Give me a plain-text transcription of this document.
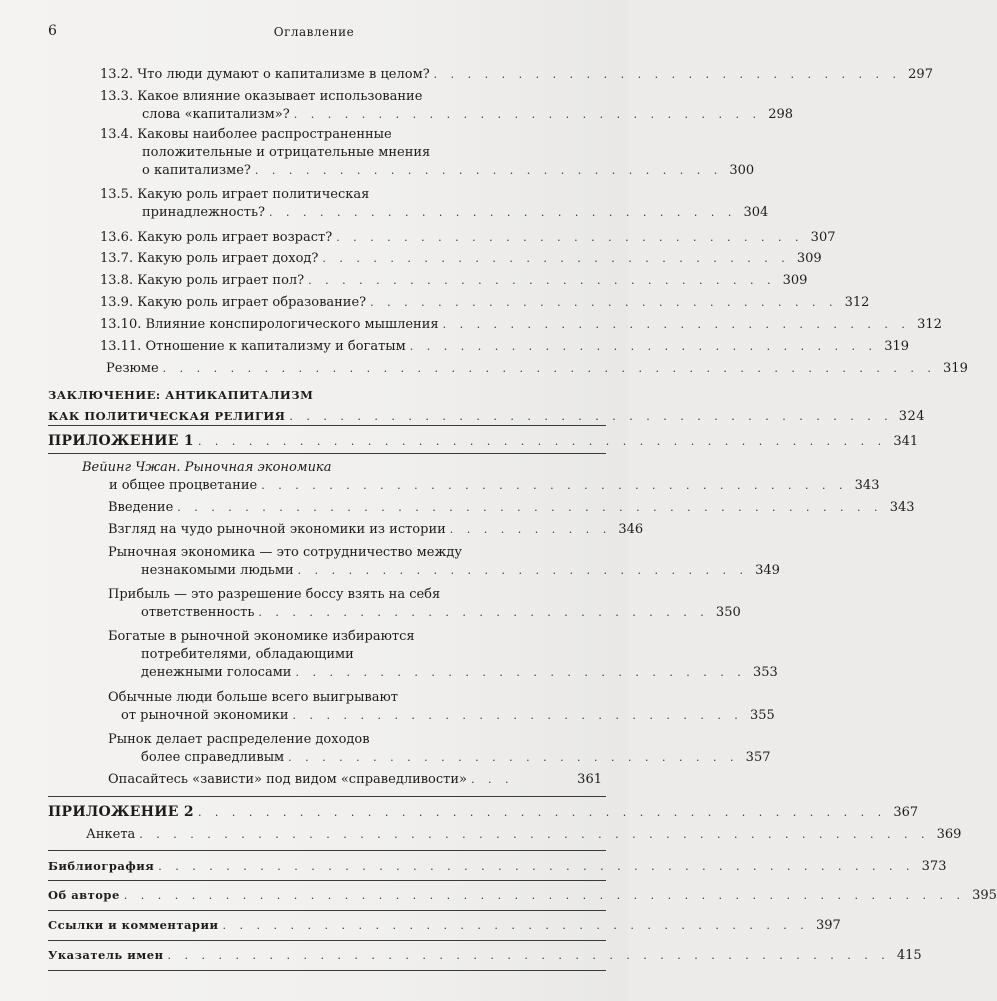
6	Оглавление
13.2. Что люди думают о капитализме в целом? . . . . . . . . . . . . . . . . . . . . . . . . . . . . 297
13.3. Какое влияние оказывает использование
слова «капитализм»? . . . . . . . . . . . . . . . . . . . . . . . . . . . . 298
13.4. Каковы наиболее распространенные
положительные и отрицательные мнения
о капитализме? . . . . . . . . . . . . . . . . . . . . . . . . . . . . 300
13.5. Какую роль играет политическая
принадлежность? . . . . . . . . . . . . . . . . . . . . . . . . . . . . 304
13.6. Какую роль играет возраст? . . . . . . . . . . . . . . . . . . . . . . . . . . . . 307
13.7. Какую роль играет доход? . . . . . . . . . . . . . . . . . . . . . . . . . . . . 309
13.8. Какую роль играет пол? . . . . . . . . . . . . . . . . . . . . . . . . . . . . 309
13.9. Какую роль играет образование? . . . . . . . . . . . . . . . . . . . . . . . . . . . . 312
13.10. Влияние конспирологического мышления . . . . . . . . . . . . . . . . . . . . . . . . . . . . 312
13.11. Отношение к капитализму и богатым . . . . . . . . . . . . . . . . . . . . . . . . . . . . 319
Резюме . . . . . . . . . . . . . . . . . . . . . . . . . . . . . . . . . . . . . . . . . . . . . . 319
ЗАКЛЮЧЕНИЕ: АНТИКАПИТАЛИЗМ
КАК ПОЛИТИЧЕСКАЯ РЕЛИГИЯ . . . . . . . . . . . . . . . . . . . . . . . . . . . . . . . . . . . . 324
ПРИЛОЖЕНИЕ 1 . . . . . . . . . . . . . . . . . . . . . . . . . . . . . . . . . . . . . . . . . 341
Вейинг Чжан. Рыночная экономика
и общее процветание . . . . . . . . . . . . . . . . . . . . . . . . . . . . . . . . . . . 343
Введение . . . . . . . . . . . . . . . . . . . . . . . . . . . . . . . . . . . . . . . . . . 343
Взгляд на чудо рыночной экономики из истории . . . . . . . . . . 346
Рыночная экономика — это сотрудничество между
незнакомыми людьми . . . . . . . . . . . . . . . . . . . . . . . . . . . 349
Прибыль — это разрешение боссу взять на себя
ответственность . . . . . . . . . . . . . . . . . . . . . . . . . . . 350
Богатые в рыночной экономике избираются
потребителями, обладающими
денежными голосами . . . . . . . . . . . . . . . . . . . . . . . . . . . 353
Обычные люди больше всего выигрывают
от рыночной экономики . . . . . . . . . . . . . . . . . . . . . . . . . . . 355
Рынок делает распределение доходов
более справедливым . . . . . . . . . . . . . . . . . . . . . . . . . . . 357
Опасайтесь «зависти» под видом «справедливости» . . .	361
ПРИЛОЖЕНИЕ 2 . . . . . . . . . . . . . . . . . . . . . . . . . . . . . . . . . . . . . . . . . 367
Анкета . . . . . . . . . . . . . . . . . . . . . . . . . . . . . . . . . . . . . . . . . . . . . . . 369
Библиография . . . . . . . . . . . . . . . . . . . . . . . . . . . . . . . . . . . . . . . . . . . . . 373
Об авторе . . . . . . . . . . . . . . . . . . . . . . . . . . . . . . . . . . . . . . . . . . . . . . . . . . 395
Ссылки и комментарии . . . . . . . . . . . . . . . . . . . . . . . . . . . . . . . . . . . 397
Указатель имен . . . . . . . . . . . . . . . . . . . . . . . . . . . . . . . . . . . . . . . . . . . 415
